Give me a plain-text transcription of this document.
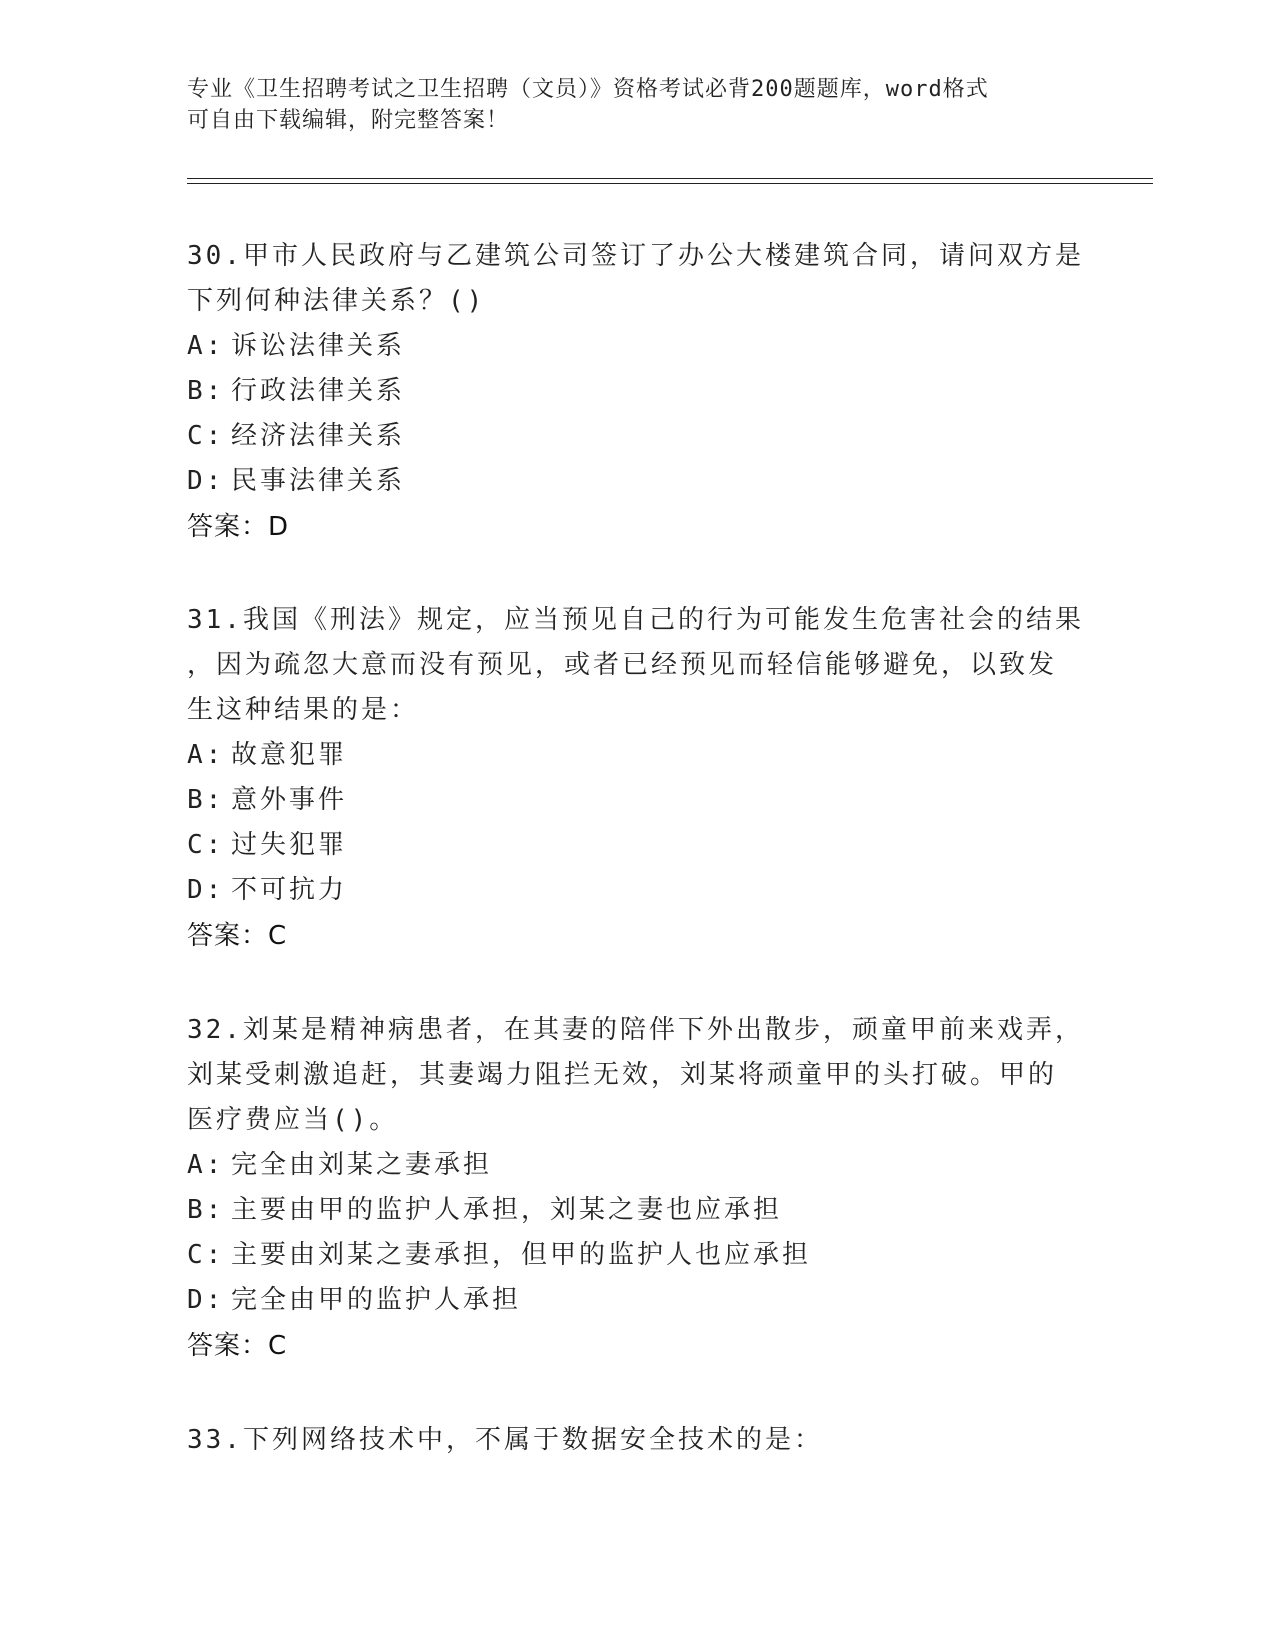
专业《卫生招聘考试之卫生招聘（文员）》资格考试必背200题题库，word格式
可自由下载编辑，附完整答案！

30.甲市人民政府与乙建筑公司签订了办公大楼建筑合同，请问双方是

下列何种法律关系？()

A: 诉讼法律关系

B: 行政法律关系

C: 经济法律关系

D: 民事法律关系

答案：D

31.我国《刑法》规定，应当预见自己的行为可能发生危害社会的结果

，因为疏忽大意而没有预见，或者已经预见而轻信能够避免，以致发

生这种结果的是：

A: 故意犯罪

B: 意外事件

C: 过失犯罪

D: 不可抗力

答案：C

32.刘某是精神病患者，在其妻的陪伴下外出散步，顽童甲前来戏弄，

刘某受刺激追赶，其妻竭力阻拦无效，刘某将顽童甲的头打破。甲的

医疗费应当()。

A: 完全由刘某之妻承担

B: 主要由甲的监护人承担，刘某之妻也应承担

C: 主要由刘某之妻承担，但甲的监护人也应承担

D: 完全由甲的监护人承担

答案：C

33.下列网络技术中，不属于数据安全技术的是：
